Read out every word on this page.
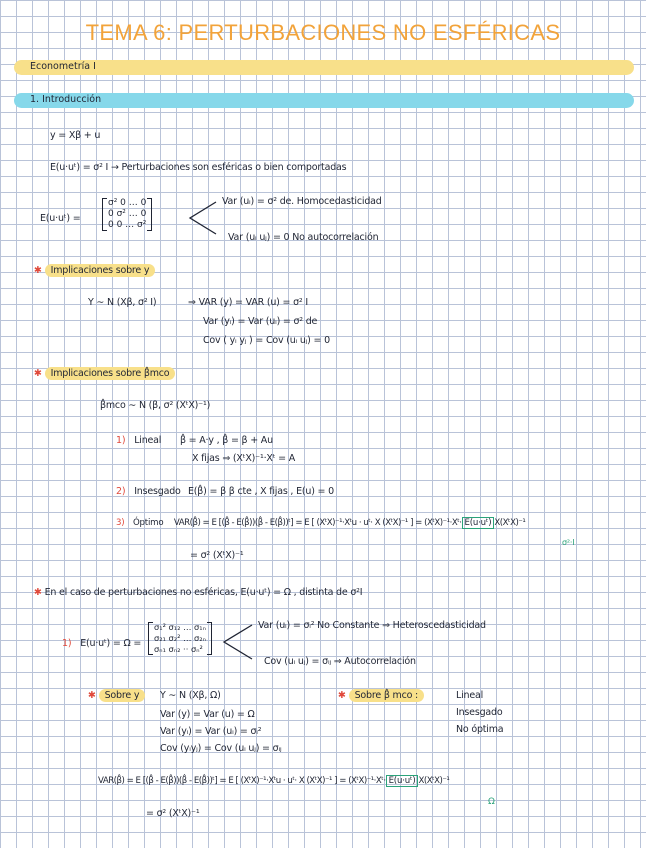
TEMA 6: PERTURBACIONES NO ESFÉRICAS
Econometría I
1. Introducción
y = Xβ + u
E(u·uᵗ) = σ² I → Perturbaciones son esféricas o bien comportadas
E(u·uᵗ) =
σ² 0 … 0
0 σ² … 0
0 0 … σ²
Var (uᵢ) = σ² de. Homocedasticidad
Var (uᵢ uⱼ) = 0 No autocorrelación
✱ Implicaciones sobre y
Y ∼ N (Xβ, σ² I)	⇒ VAR (y) = VAR (u) = σ² I
Var (yᵢ) = Var (uᵢ) = σ² de
Cov ( yᵢ yⱼ ) = Cov (uᵢ uⱼ) = 0
✱ Implicaciones sobre β̂mco
β̂mco ∼ N (β, σ² (XᵗX)⁻¹)
1) Lineal β̂ = A·y , β̂ = β + Au
X fijas ⇒ (XᵗX)⁻¹·Xᵗ = A
2) Insesgado E(β̂) = β β cte , X fijas , E(u) = 0
3) Óptimo VAR(β̂) = E [(β̂ - E(β̂))(β̂ - E(β̂))ᵗ] = E [ (XᵗX)⁻¹·Xᵗu · uᵗ· X (XᵗX)⁻¹ ] = (XᵗX)⁻¹·Xᵗ· E(u·uᵗ) X(XᵗX)⁻¹
σ²·I
= σ² (XᵗX)⁻¹
✱ En el caso de perturbaciones no esféricas, E(u·uᵗ) = Ω , distinta de σ²I
1) E(u·uᵗ) = Ω =
σ₁² σ₁₂ … σ₁ₙ
σ₂₁ σ₂² … σ₂ₙ
σₙ₁ σₙ₂ ·· σₙ²
Var (uᵢ) = σᵢ² No Constante ⇒ Heteroscedasticidad
Cov (uᵢ uⱼ) = σᵢⱼ ⇒ Autocorrelación
✱ Sobre y	Y ∼ N (Xβ, Ω)
Var (y) = Var (u) = Ω
Var (yᵢ) = Var (uᵢ) = σᵢ²
Cov (yᵢyⱼ) = Cov (uᵢ uⱼ) = σᵢⱼ
✱ Sobre β̂ mco :	Lineal
Insesgado
No óptima
VAR(β̂) = E [(β̂ - E(β̂))(β̂ - E(β̂))ᵗ] = E [ (XᵗX)⁻¹·Xᵗu · uᵗ· X (XᵗX)⁻¹ ] = (XᵗX)⁻¹·Xᵗ· E(u·uᵗ) X(XᵗX)⁻¹
Ω
= σ² (XᵗX)⁻¹
